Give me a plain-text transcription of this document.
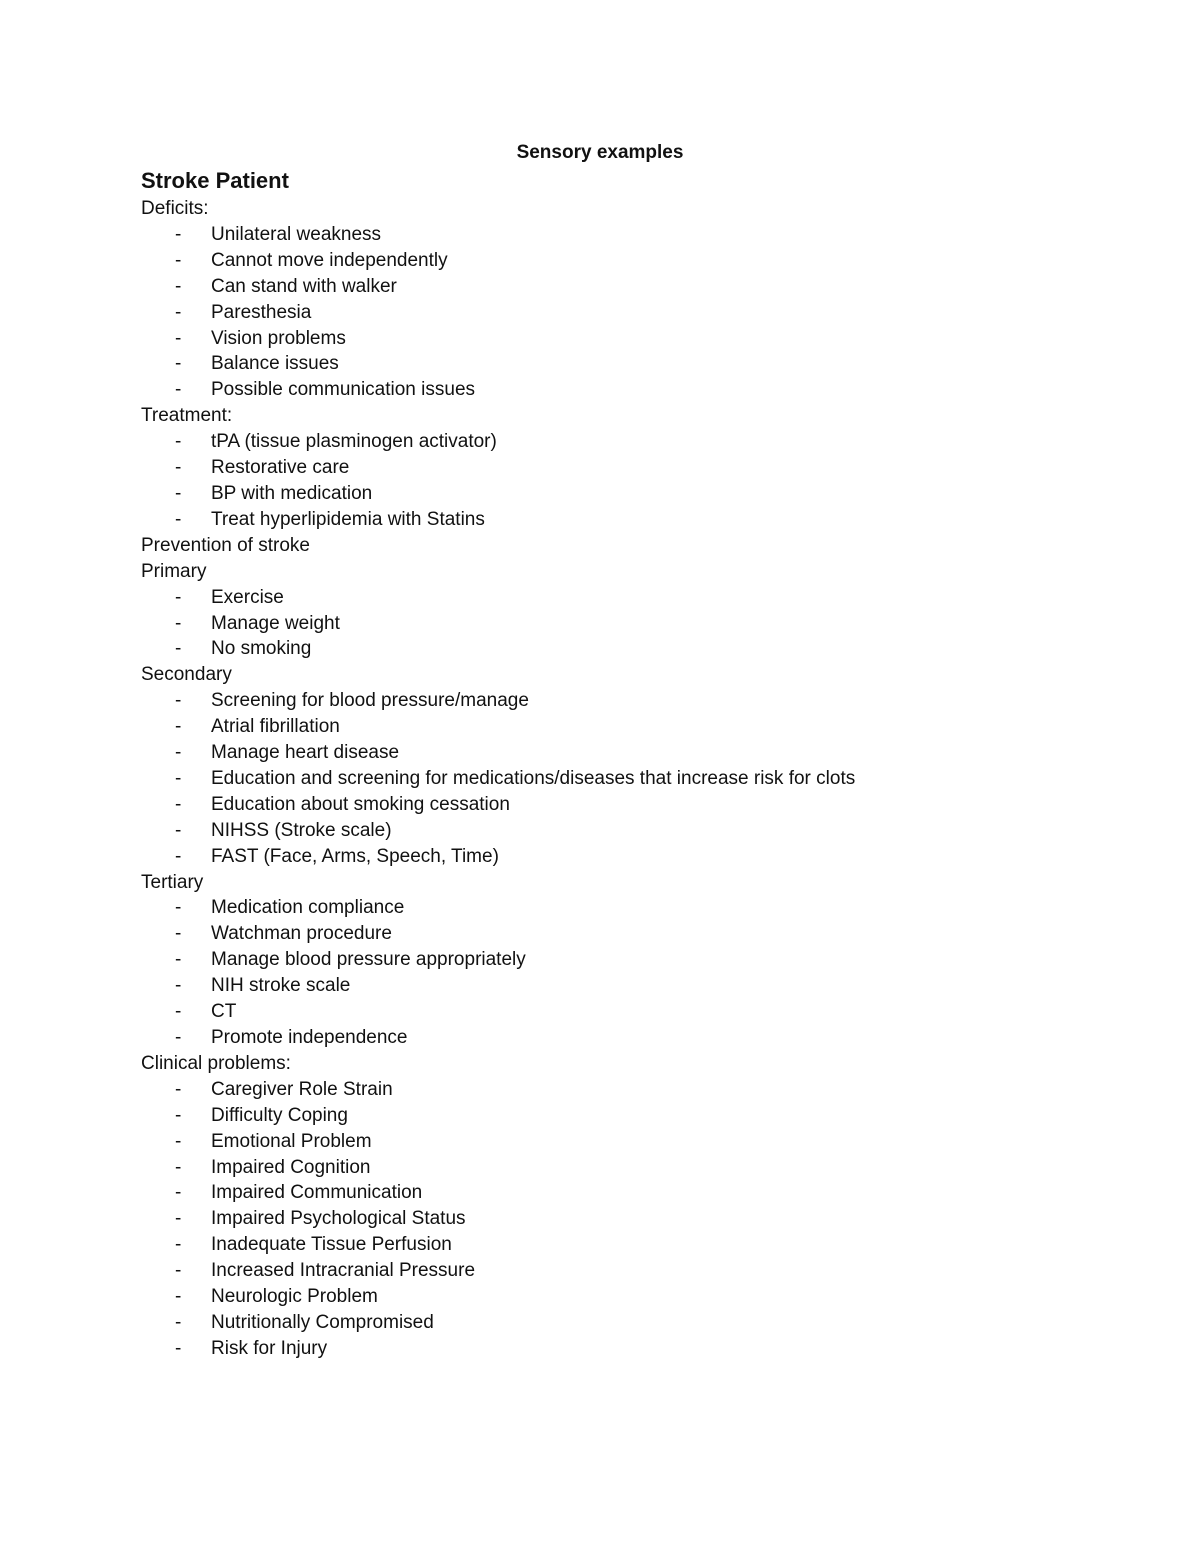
Sensory examples
Stroke Patient

Deficits:

- Unilateral weakness
- Cannot move independently
- Can stand with walker
- Paresthesia
- Vision problems
- Balance issues
- Possible communication issues

Treatment:

- tPA (tissue plasminogen activator)
- Restorative care
- BP with medication
- Treat hyperlipidemia with Statins

Prevention of stroke

Primary

- Exercise
- Manage weight
- No smoking

Secondary

- Screening for blood pressure/manage
- Atrial fibrillation
- Manage heart disease
- Education and screening for medications/diseases that increase risk for clots
- Education about smoking cessation
- NIHSS (Stroke scale)
- FAST (Face, Arms, Speech, Time)

Tertiary

- Medication compliance
- Watchman procedure
- Manage blood pressure appropriately
- NIH stroke scale
- CT
- Promote independence

Clinical problems:

- Caregiver Role Strain
- Difficulty Coping
- Emotional Problem
- Impaired Cognition
- Impaired Communication
- Impaired Psychological Status
- Inadequate Tissue Perfusion
- Increased Intracranial Pressure
- Neurologic Problem
- Nutritionally Compromised
- Risk for Injury
